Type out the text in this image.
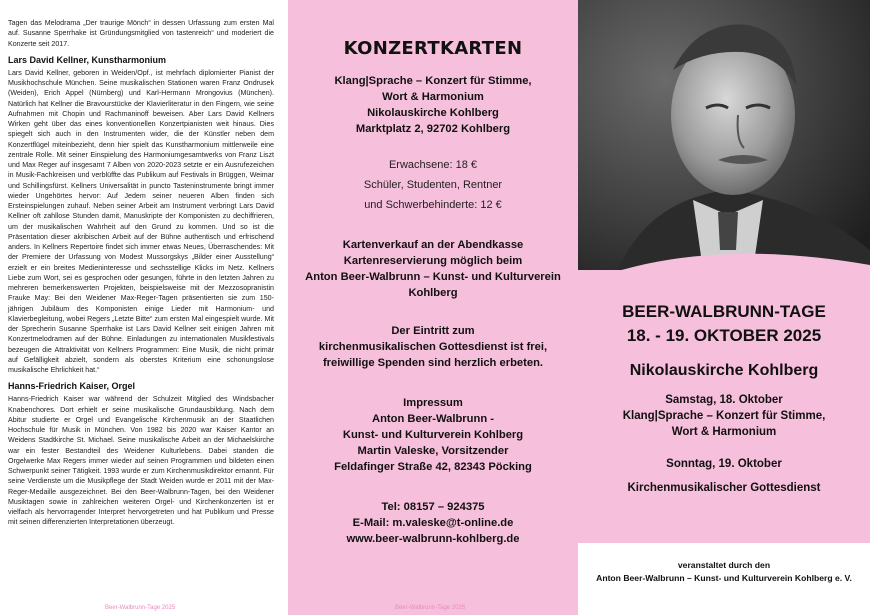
Tagen das Melodrama „Der traurige Mönch“ in dessen Urfassung zum ersten Mal auf. Susanne Sperrhake ist Gründungsmitglied von tastenreich“ und moderiert die Konzerte seit 2017.

Lars David Kellner, Kunstharmonium

Lars David Kellner, geboren in Weiden/Opf., ist mehrfach diplomierter Pianist der Musikhochschule München. Seine musikalischen Stationen waren Franz Ondrusek (Weiden), Erich Appel (Nürnberg) und Karl-Hermann Mrongovius (München). Natürlich hat Kellner die Bravourstücke der Klavierliteratur in den Fingern, wie seine Aufnahmen mit Chopin und Rachmaninoff beweisen. Aber Lars David Kellners Wirken geht über das eines konventionellen Konzertpianisten weit hinaus. Dies spiegelt sich auch in den Instrumenten wider, die der Künstler neben dem Konzertflügel miteinbezieht, denn hier spielt das Kunstharmonium mittlerweile eine zentrale Rolle. Mit seiner Einspielung des Harmoniumgesamtwerks von Franz Liszt und Max Reger auf insgesamt 7 Alben von 2020-2023 setzte er ein Ausrufezeichen in Musik-Fachkreisen und verblüffte das Publikum auf Festivals in Brüggen, Weimar und Schillingsfürst. Kellners Universalität in puncto Tasteninstrumente bringt immer wieder Ungehörtes hervor: Auf Jedem seiner neueren Alben finden sich Ersteinspielungen zuhauf. Neben seiner Arbeit am Instrument verbringt Lars David Kellner oft zahllose Stunden damit, Manuskripte der Komponisten zu dechiffrieren, um der musikalischen Wahrheit auf den Grund zu kommen. Und so ist die Präsentation dieser akribischen Arbeit auf der Bühne authentisch und erfrischend anders. In Kellners Repertoire findet sich immer etwas Neues, Überraschendes: Mit der Premiere der Urfassung von Modest Mussorgskys „Bilder einer Ausstellung“ erzielt er ein breites Medieninteresse und sechsstellige Klicks im Netz. Kellners Liebe zum Wort, sei es gesprochen oder gesungen, führte in den letzten Jahren zu mehreren bemerkenswerten Projekten, beispielsweise mit der Mezzosopranistin Frauke May: Bei den Weidener Max-Reger-Tagen präsentierten sie zum 150-jährigen Jubiläum des Komponisten einige Lieder mit Harmonium- und Klavierbegleitung, wobei Regers „Letzte Bitte“ zum ersten Mal eingespielt wurde. Mit der Sprecherin Susanne Sperrhake ist Lars David Kellner seit einigen Jahren mit Konzertmelodramen auf der Bühne. Einladungen zu internationalen Musikfestivals bezeugen die Attraktivität von Kellners Programmen: Eine Musik, die nicht primär auf Gefälligkeit abzielt, sondern als oberstes Kriterium eine schonungslose musikalische Ehrlichkeit hat.“

Hanns-Friedrich Kaiser, Orgel

Hanns-Friedrich Kaiser war während der Schulzeit Mitglied des Windsbacher Knabenchores. Dort erhielt er seine musikalische Grundausbildung. Nach dem Abitur studierte er Orgel und Evangelische Kirchenmusik an der Staatlichen Hochschule für Musik in München. Von 1982 bis 2020 war Kaiser Kantor an Weidens Stadtkirche St. Michael. Seine musikalische Arbeit an der Michaelskirche war ein fester Bestandteil des Weidener Kulturlebens. Dabei standen die Orgelwerke Max Regers immer wieder auf seinen Programmen und bildeten einen Schwerpunkt seiner Tätigkeit. 1993 wurde er zum Kirchenmusikdirektor ernannt. Für seine Verdienste um die Musikpflege der Stadt Weiden wurde er 2011 mit der Max-Reger-Medaille ausgezeichnet. Bei den Beer-Walbrunn-Tagen, bei den Weidener Musiktagen sowie in zahlreichen weiteren Orgel- und Kirchenkonzerten ist er vielfach als hervorragender Interpret hervorgetreten und hat Publikum und Presse mit seinen differenzierten Interpretationen überzeugt.

Beer-Walbrunn-Tage 2025
KONZERTKARTEN

Klang|Sprache – Konzert für Stimme,

Wort & Harmonium

Nikolauskirche Kohlberg

Marktplatz 2, 92702 Kohlberg

Erwachsene: 18 €

Schüler, Studenten, Rentner

und Schwerbehinderte: 12 €

Kartenverkauf an der Abendkasse

Kartenreservierung möglich beim

Anton Beer-Walbrunn – Kunst- und Kulturverein

Kohlberg

Der Eintritt zum

kirchenmusikalischen Gottesdienst ist frei,

freiwillige Spenden sind herzlich erbeten.

Impressum

Anton Beer-Walbrunn -

Kunst- und Kulturverein Kohlberg

Martin Valeske, Vorsitzender

Feldafinger Straße 42, 82343 Pöcking

Tel: 08157 – 924375

E-Mail: m.valeske@t-online.de

www.beer-walbrunn-kohlberg.de

Beer-Walbrunn-Tage 2025

BEER-WALBRUNN-TAGE

18. - 19. OKTOBER 2025

Nikolauskirche Kohlberg

Samstag, 18. Oktober

Klang|Sprache – Konzert für Stimme,

Wort & Harmonium

Sonntag, 19. Oktober

Kirchenmusikalischer Gottesdienst

veranstaltet durch den

Anton Beer-Walbrunn – Kunst- und Kulturverein Kohlberg e. V.
